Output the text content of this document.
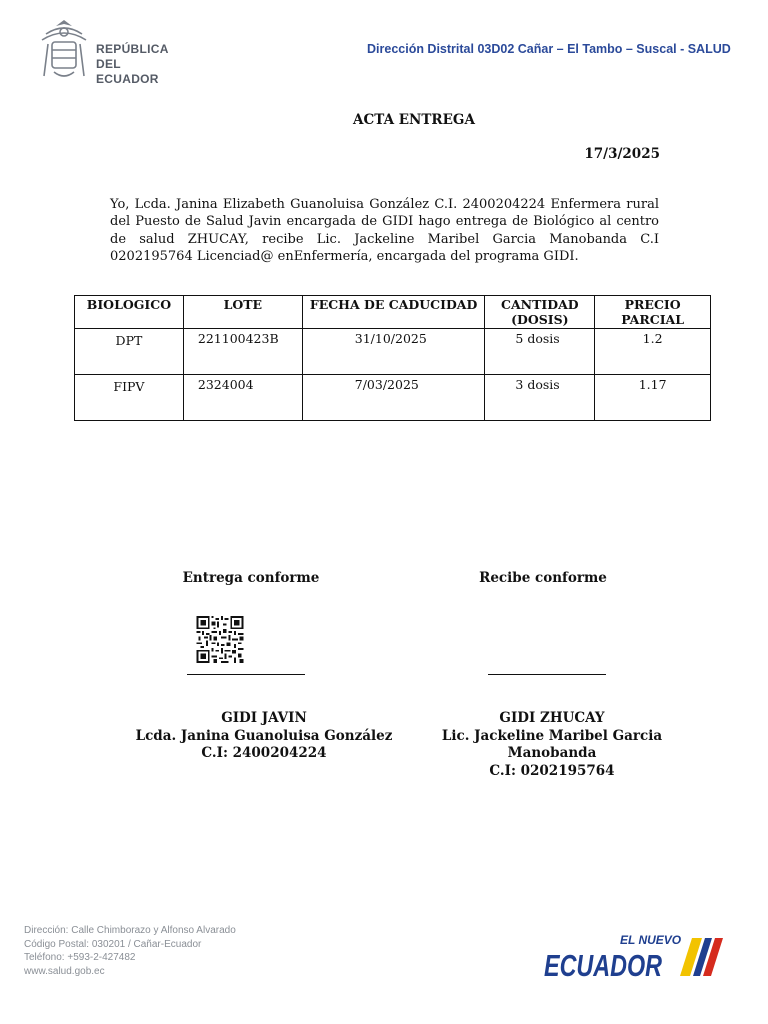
REPÚBLICA
DEL ECUADOR
Dirección Distrital 03D02 Cañar – El Tambo – Suscal - SALUD
ACTA ENTREGA
17/3/2025
Yo, Lcda. Janina Elizabeth Guanoluisa González C.I. 2400204224 Enfermera rural del Puesto de Salud Javin encargada de GIDI hago entrega de Biológico al centro de salud ZHUCAY, recibe Lic. Jackeline Maribel Garcia Manobanda C.I 0202195764 Licenciad@ enEnfermería, encargada del programa GIDI.
BIOLOGICO	LOTE	FECHA DE CADUCIDAD	CANTIDAD (DOSIS)	PRECIO PARCIAL
DPT	221100423B	31/10/2025	5 dosis	1.2
FIPV	2324004	7/03/2025	3 dosis	1.17
Entrega conforme	Recibe conforme
GIDI JAVIN
Lcda. Janina Guanoluisa González
C.I: 2400204224
GIDI ZHUCAY
Lic. Jackeline Maribel Garcia
Manobanda
C.I: 0202195764
Dirección: Calle Chimborazo y Alfonso Alvarado
Código Postal: 030201 / Cañar-Ecuador
Teléfono: +593-2-427482
www.salud.gob.ec
EL NUEVO
ECUADOR
